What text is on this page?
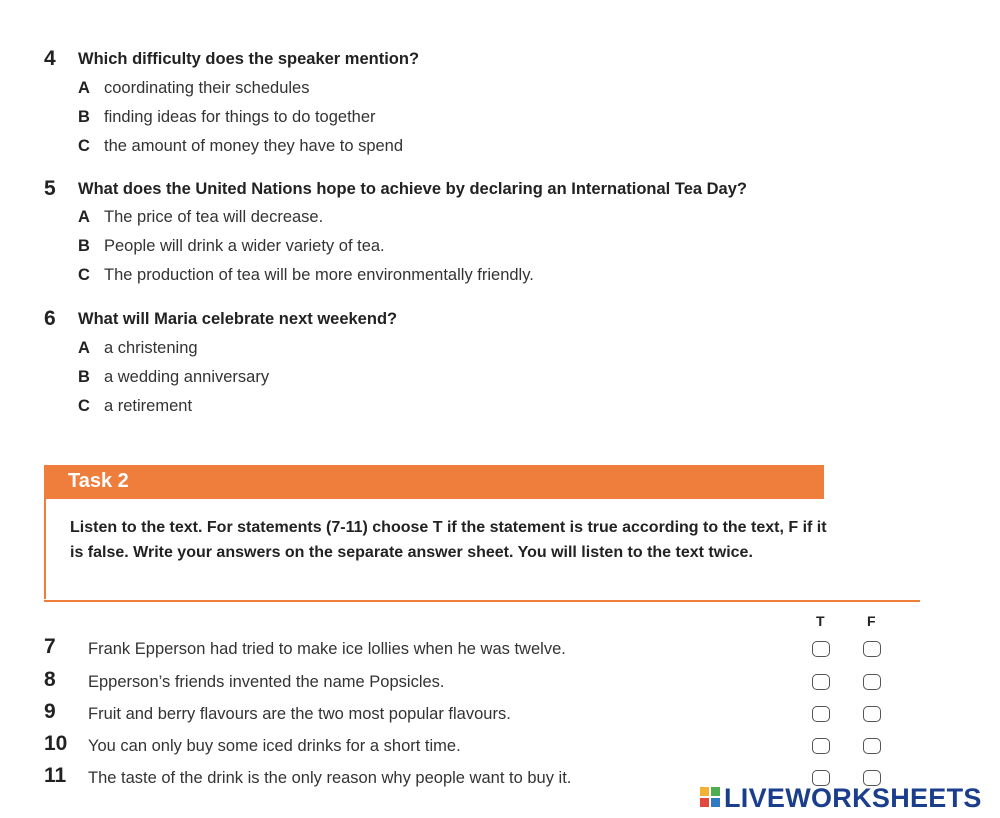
4 Which difficulty does the speaker mention?
A coordinating their schedules
B finding ideas for things to do together
C the amount of money they have to spend
5 What does the United Nations hope to achieve by declaring an International Tea Day?
A The price of tea will decrease.
B People will drink a wider variety of tea.
C The production of tea will be more environmentally friendly.
6 What will Maria celebrate next weekend?
A a christening
B a wedding anniversary
C a retirement
Task 2
Listen to the text. For statements (7-11) choose T if the statement is true according to the text, F if it is false. Write your answers on the separate answer sheet. You will listen to the text twice.
T	F
7 Frank Epperson had tried to make ice lollies when he was twelve.
8 Epperson’s friends invented the name Popsicles.
9 Fruit and berry flavours are the two most popular flavours.
10 You can only buy some iced drinks for a short time.
11 The taste of the drink is the only reason why people want to buy it.
LIVEWORKSHEETS
